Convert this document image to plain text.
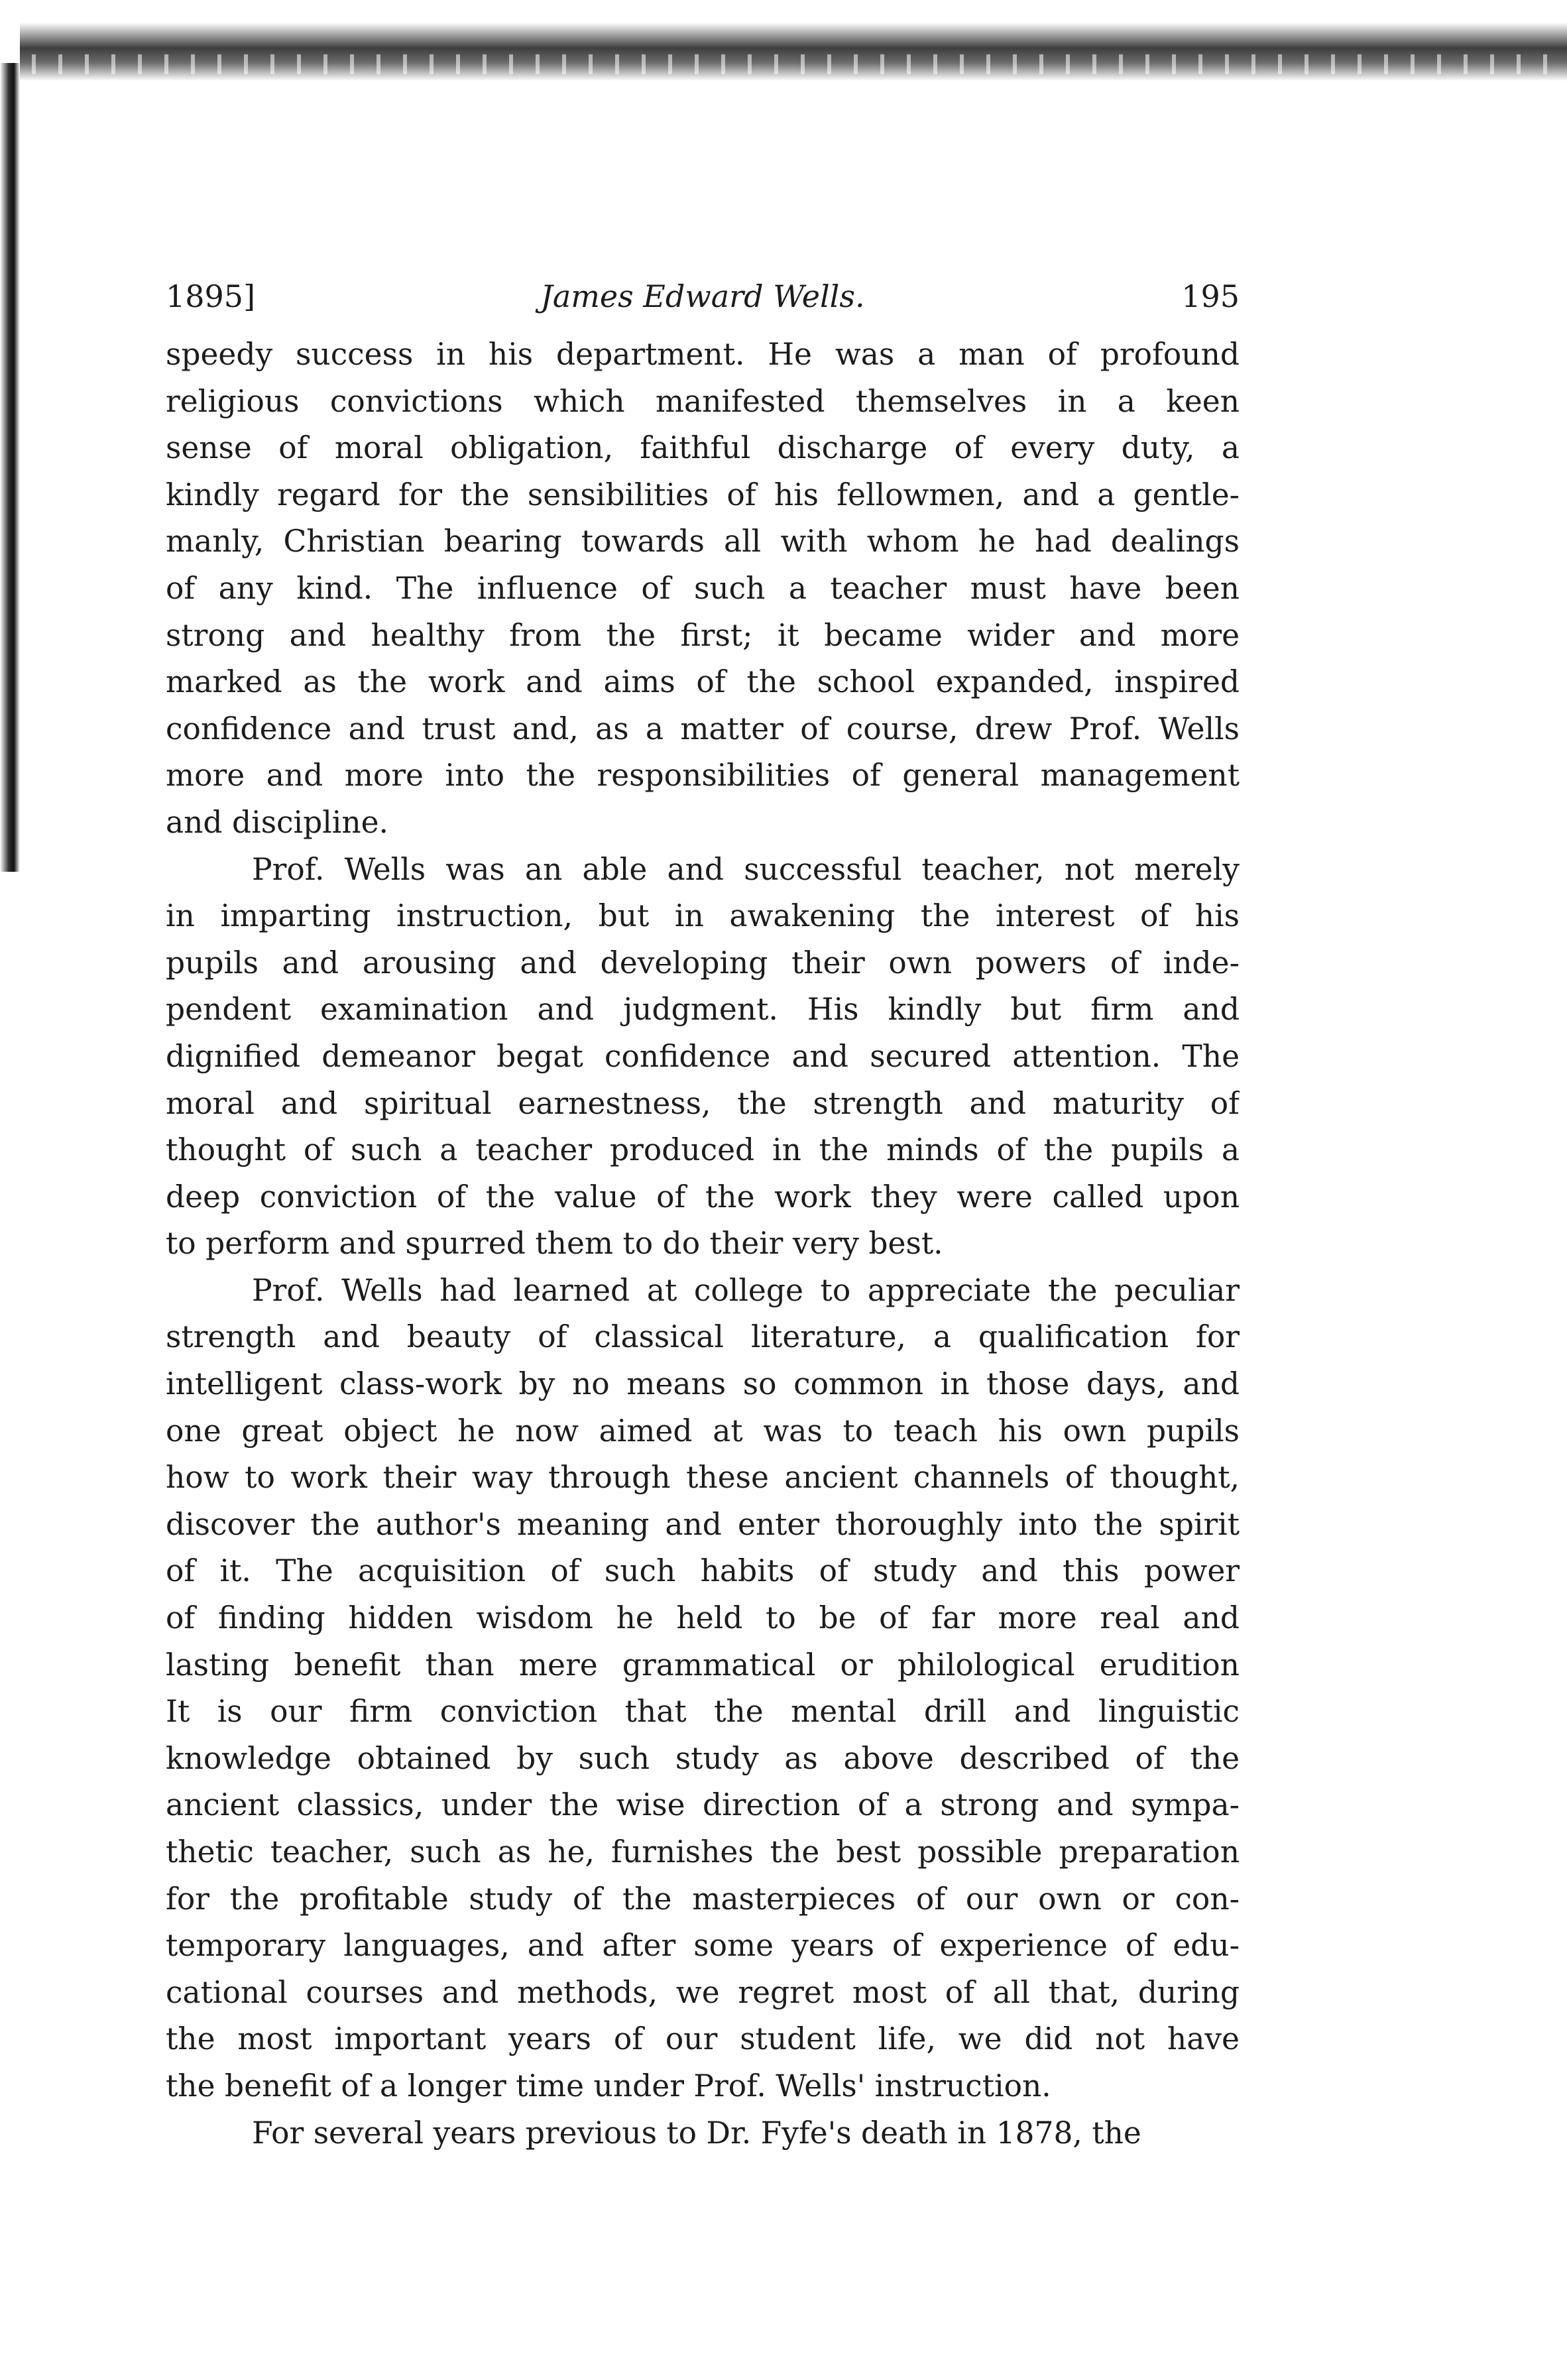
1895]	James Edward Wells.	195
speedy success in his department. He was a man of profound
religious convictions which manifested themselves in a keen
sense of moral obligation, faithful discharge of every duty, a
kindly regard for the sensibilities of his fellowmen, and a gentle-
manly, Christian bearing towards all with whom he had dealings
of any kind. The influence of such a teacher must have been
strong and healthy from the first; it became wider and more
marked as the work and aims of the school expanded, inspired
confidence and trust and, as a matter of course, drew Prof. Wells
more and more into the responsibilities of general management
and discipline.
Prof. Wells was an able and successful teacher, not merely
in imparting instruction, but in awakening the interest of his
pupils and arousing and developing their own powers of inde-
pendent examination and judgment. His kindly but firm and
dignified demeanor begat confidence and secured attention. The
moral and spiritual earnestness, the strength and maturity of
thought of such a teacher produced in the minds of the pupils a
deep conviction of the value of the work they were called upon
to perform and spurred them to do their very best.
Prof. Wells had learned at college to appreciate the peculiar
strength and beauty of classical literature, a qualification for
intelligent class-work by no means so common in those days, and
one great object he now aimed at was to teach his own pupils
how to work their way through these ancient channels of thought,
discover the author's meaning and enter thoroughly into the spirit
of it. The acquisition of such habits of study and this power
of finding hidden wisdom he held to be of far more real and
lasting benefit than mere grammatical or philological erudition
It is our firm conviction that the mental drill and linguistic
knowledge obtained by such study as above described of the
ancient classics, under the wise direction of a strong and sympa-
thetic teacher, such as he, furnishes the best possible preparation
for the profitable study of the masterpieces of our own or con-
temporary languages, and after some years of experience of edu-
cational courses and methods, we regret most of all that, during
the most important years of our student life, we did not have
the benefit of a longer time under Prof. Wells' instruction.
For several years previous to Dr. Fyfe's death in 1878, the
